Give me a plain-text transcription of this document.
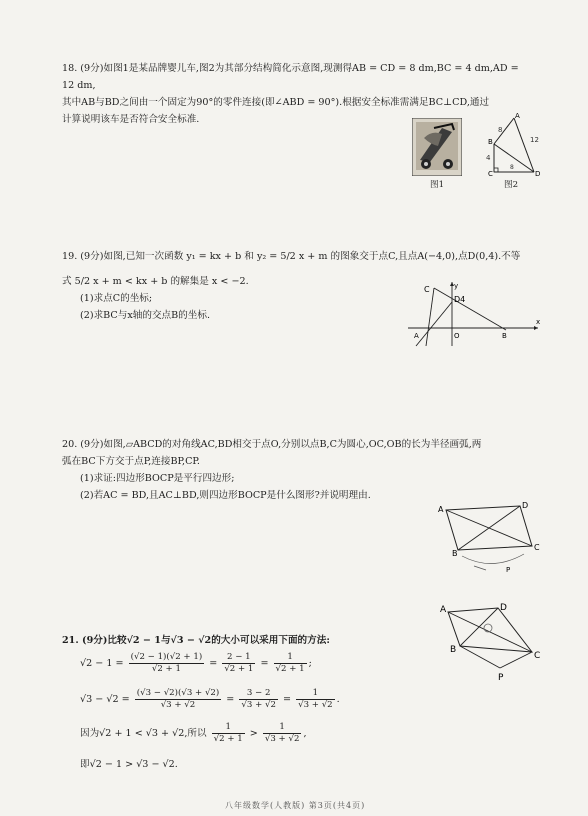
18. (9分)如图1是某品牌婴儿车,图2为其部分结构简化示意图,现测得AB = CD = 8 dm,BC = 4 dm,AD = 12 dm,

其中AB与BD之间由一个固定为90°的零件连接(即∠ABD = 90°).根据安全标准需满足BC⊥CD,通过

计算说明该车是否符合安全标准.

图1
A
B
C	D
8
4
12
8
图2

19. (9分)如图,已知一次函数 y₁ = kx + b 和 y₂ = 5/2 x + m 的图象交于点C,且点A(−4,0),点D(0,4).不等

式 5/2 x + m < kx + b 的解集是 x < −2.

(1)求点C的坐标;

(2)求BC与x轴的交点B的坐标.

C
D4
y
x
O	B
A

20. (9分)如图,▱ABCD的对角线AC,BD相交于点O,分别以点B,C为圆心,OC,OB的长为半径画弧,两

弧在BC下方交于点P,连接BP,CP.

(1)求证:四边形BOCP是平行四边形;

(2)若AC = BD,且AC⊥BD,则四边形BOCP是什么图形?并说明理由.

A	D
C
B
P
A	D
C
B
P

21. (9分)比较√2 − 1与√3 − √2的大小可以采用下面的方法:

$√2 - 1 = \frac{(√2 - 1)(√2 + 1)}{√2 + 1} = \frac{2 - 1}{√2 + 1} = \frac{1}{√2 + 1}$ ;
$√3 - √2 = \frac{(√3 - √2)(√3 + √2)}{√3 + √2} = \frac{3 - 2}{√3 + √2} = \frac{1}{√3 + √2}$ .
因为√2 + 1 < √3 + √2,所以 $\frac{1}{√2 + 1} > \frac{1}{√3 + √2}$ ,
即√2 − 1 > √3 − √2.
八年级数学(人教版) 第3页(共4页)
